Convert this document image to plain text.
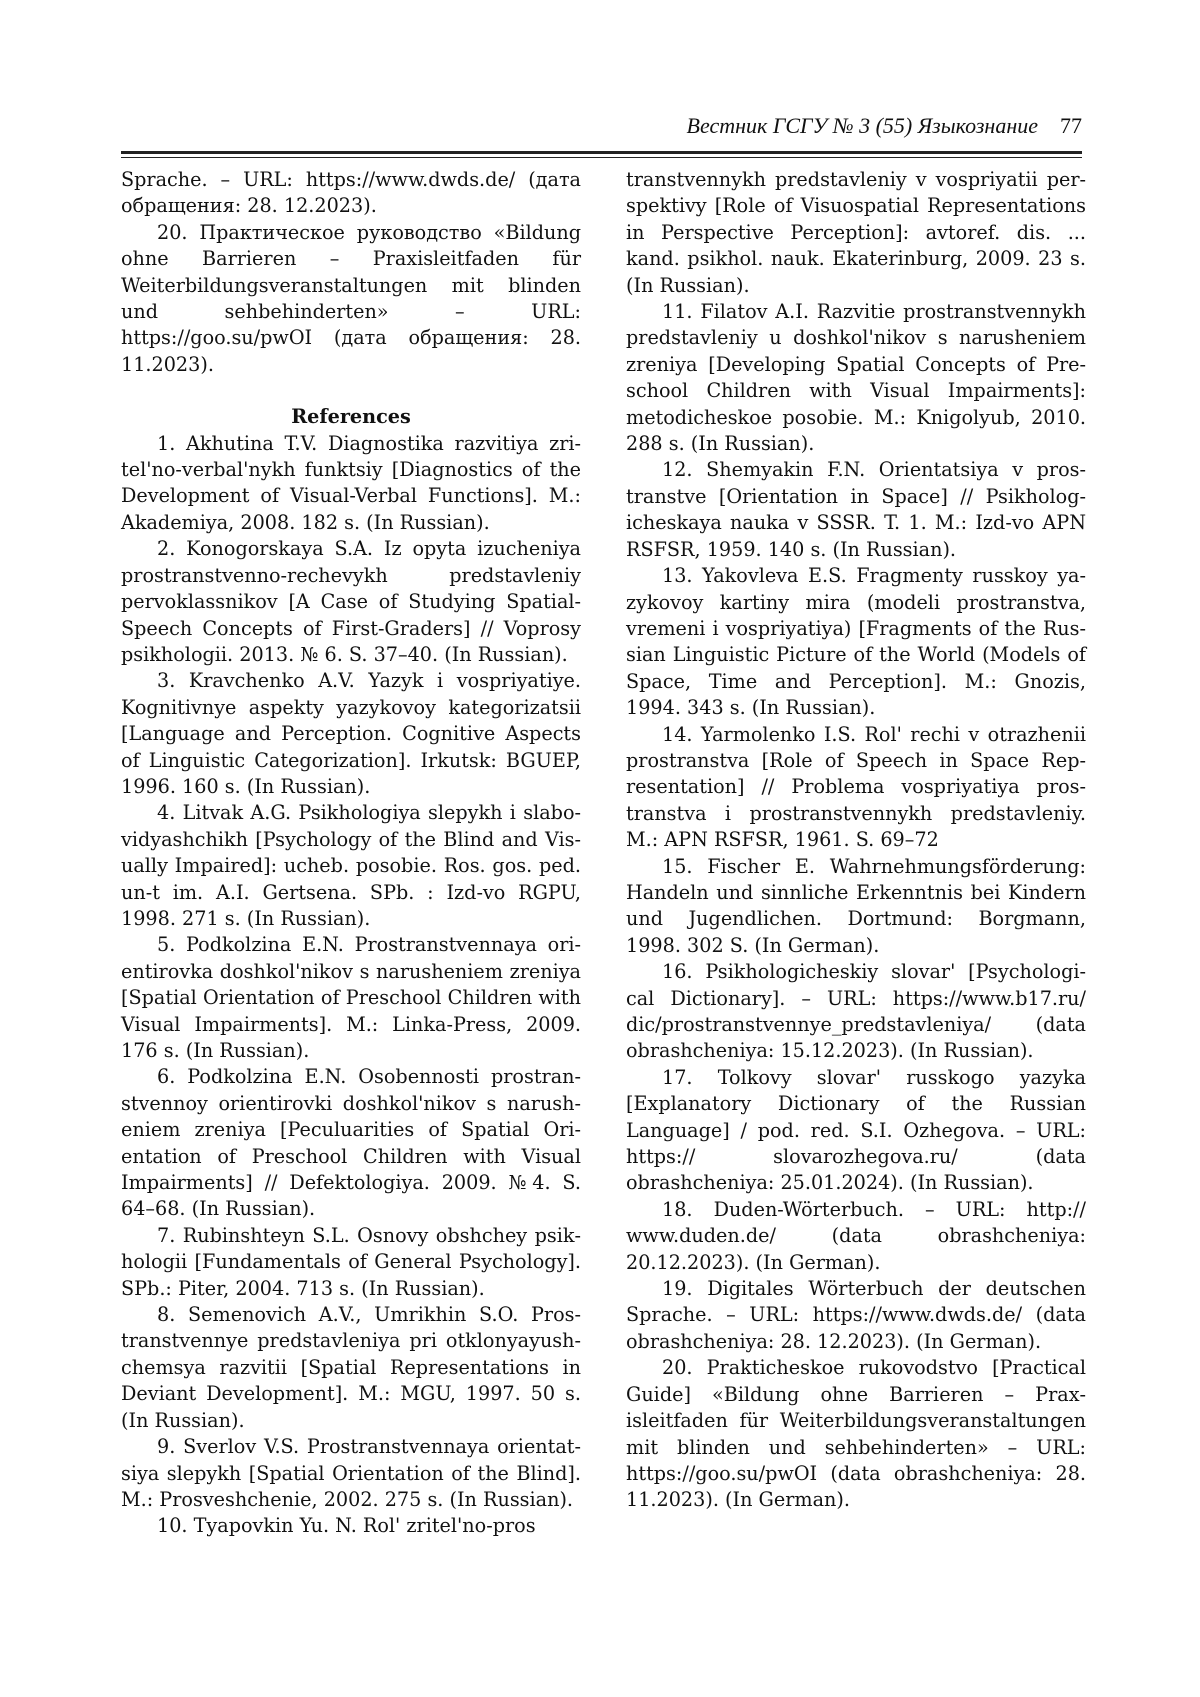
Вестник ГСГУ № 3 (55) Языкознание 77

Sprache. – URL: https://www.dwds.de/ (дата обращения: 28. 12.2023).

20. Практическое руководство «Bildung ohne Barrieren – Praxisleitfaden für Weiterbildungsveranstaltungen mit blinden und sehbehinderten» – URL: https://goo.su/pwOI (дата обращения: 28. 11.2023).

References

1. Akhutina T.V. Diagnostika razvitiya zritel'no-verbal'nykh funktsiy [Diagnostics of the Development of Visual-Verbal Functions]. M.: Akademiya, 2008. 182 s. (In Russian).

2. Konogorskaya S.A. Iz opyta izucheniya prostranstvenno-rechevykh predstavleniy pervoklassnikov [A Case of Studying Spatial-Speech Concepts of First-Graders] // Voprosy psikhologii. 2013. № 6. S. 37–40. (In Russian).

3. Kravchenko A.V. Yazyk i vospriyatiye. Kognitivnye aspekty yazykovoy kategorizatsii [Language and Perception. Cognitive Aspects of Linguistic Categorization]. Irkutsk: BGUEP, 1996. 160 s. (In Russian).

4. Litvak A.G. Psikhologiya slepykh i slabovidyashchikh [Psychology of the Blind and Visually Impaired]: ucheb. posobie. Ros. gos. ped. un-t im. A.I. Gertsena. SPb. : Izd-vo RGPU, 1998. 271 s. (In Russian).

5. Podkolzina E.N. Prostranstvennaya orientirovka doshkol'nikov s narusheniem zreniya [Spatial Orientation of Preschool Children with Visual Impairments]. M.: Linka-Press, 2009. 176 s. (In Russian).

6. Podkolzina E.N. Osobennosti prostranstvennoy orientirovki doshkol'nikov s narusheniem zreniya [Peculuarities of Spatial Orientation of Preschool Children with Visual Impairments] // Defektologiya. 2009. №4. S. 64–68. (In Russian).

7. Rubinshteyn S.L. Osnovy obshchey psikhologii [Fundamentals of General Psychology]. SPb.: Piter, 2004. 713 s. (In Russian).

8. Semenovich A.V., Umrikhin S.O. Prostranstvennye predstavleniya pri otklonyayushchemsya razvitii [Spatial Representations in Deviant Development]. M.: MGU, 1997. 50 s. (In Russian).

9. Sverlov V.S. Prostranstvennaya orientatsiya slepykh [Spatial Orientation of the Blind]. M.: Prosveshchenie, 2002. 275 s. (In Russian).

10. Tyapovkin Yu. N. Rol' zritel'no-pros

transtvennykh predstavleniy v vospriyatii perspektivy [Role of Visuospatial Representations in Perspective Perception]: avtoref. dis. ... kand. psikhol. nauk. Ekaterinburg, 2009. 23 s. (In Russian).

11. Filatov A.I. Razvitie prostranstvennykh predstavleniy u doshkol'nikov s narusheniem zreniya [Developing Spatial Concepts of Preschool Children with Visual Impairments]: metodicheskoe posobie. M.: Knigolyub, 2010. 288 s. (In Russian).

12. Shemyakin F.N. Orientatsiya v prostranstve [Orientation in Space] // Psikhologicheskaya nauka v SSSR. T. 1. M.: Izd-vo APN RSFSR, 1959. 140 s. (In Russian).

13. Yakovleva E.S. Fragmenty russkoy yazykovoy kartiny mira (modeli prostranstva, vremeni i vospriyatiya) [Fragments of the Russian Linguistic Picture of the World (Models of Space, Time and Perception]. M.: Gnozis, 1994. 343 s. (In Russian).

14. Yarmolenko I.S. Rol' rechi v otrazhenii prostranstva [Role of Speech in Space Representation] // Problema vospriyatiya prostranstva i prostranstvennykh predstavleniy. M.: APN RSFSR, 1961. S. 69–72

15. Fischer E. Wahrnehmungsförderung: Handeln und sinnliche Erkenntnis bei Kindern und Jugendlichen. Dortmund: Borgmann, 1998. 302 S. (In German).

16. Psikhologicheskiy slovar' [Psychological Dictionary]. – URL: https://www.b17.ru/ dic/prostranstvennye_predstavleniya/ (data obrashcheniya: 15.12.2023). (In Russian).

17. Tolkovy slovar' russkogo yazyka [Explanatory Dictionary of the Russian Language] / pod. red. S.I. Ozhegova. – URL: https:// slovarozhegova.ru/ (data obrashcheniya: 25.01.2024). (In Russian).

18. Duden-Wörterbuch. – URL: http:// www.duden.de/ (data obrashcheniya: 20.12.2023). (In German).

19. Digitales Wörterbuch der deutschen Sprache. – URL: https://www.dwds.de/ (data obrashcheniya: 28. 12.2023). (In German).

20. Prakticheskoe rukovodstvo [Practical Guide] «Bildung ohne Barrieren – Praxisleitfaden für Weiterbildungsveranstaltungen mit blinden und sehbehinderten» – URL: https://goo.su/pwOI (data obrashcheniya: 28. 11.2023). (In German).
